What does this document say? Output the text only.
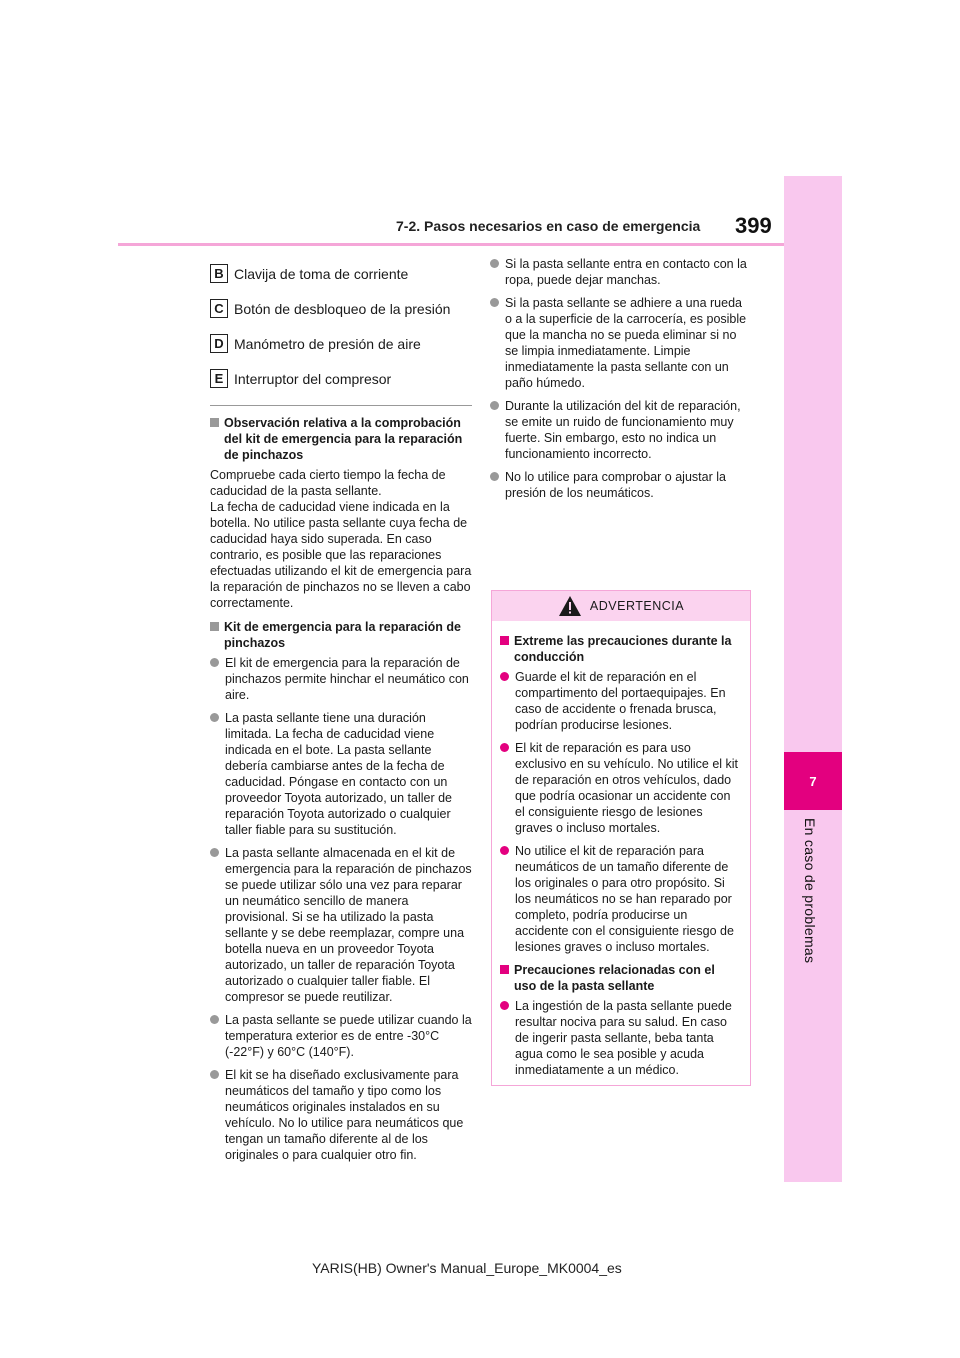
7
En caso de problemas
7-2. Pasos necesarios en caso de emergencia 399
B Clavija de toma de corriente
C Botón de desbloqueo de la presión
D Manómetro de presión de aire
E Interruptor del compresor
Observación relativa a la comprobación del kit de emergencia para la reparación de pinchazos

Compruebe cada cierto tiempo la fecha de caducidad de la pasta sellante.

La fecha de caducidad viene indicada en la botella. No utilice pasta sellante cuya fecha de caducidad haya sido superada. En caso contrario, es posible que las reparaciones efectuadas utilizando el kit de emergencia para la reparación de pinchazos no se lleven a cabo correctamente.

Kit de emergencia para la reparación de pinchazos
El kit de emergencia para la reparación de pinchazos permite hinchar el neumático con aire.
La pasta sellante tiene una duración limitada. La fecha de caducidad viene indicada en el bote. La pasta sellante debería cambiarse antes de la fecha de caducidad. Póngase en contacto con un proveedor Toyota autorizado, un taller de reparación Toyota autorizado o cualquier taller fiable para su sustitución.
La pasta sellante almacenada en el kit de emergencia para la reparación de pinchazos se puede utilizar sólo una vez para reparar un neumático sencillo de manera provisional. Si se ha utilizado la pasta sellante y se debe reemplazar, compre una botella nueva en un proveedor Toyota autorizado, un taller de reparación Toyota autorizado o cualquier taller fiable. El compresor se puede reutilizar.
La pasta sellante se puede utilizar cuando la temperatura exterior es de entre -30°C (-22°F) y 60°C (140°F).
El kit se ha diseñado exclusivamente para neumáticos del tamaño y tipo como los neumáticos originales instalados en su vehículo. No lo utilice para neumáticos que tengan un tamaño diferente al de los originales o para cualquier otro fin.
Si la pasta sellante entra en contacto con la ropa, puede dejar manchas.
Si la pasta sellante se adhiere a una rueda o a la superficie de la carrocería, es posible que la mancha no se pueda eliminar si no se limpia inmediatamente. Limpie inmediatamente la pasta sellante con un paño húmedo.
Durante la utilización del kit de reparación, se emite un ruido de funcionamiento muy fuerte. Sin embargo, esto no indica un funcionamiento incorrecto.
No lo utilice para comprobar o ajustar la presión de los neumáticos.
ADVERTENCIA
Extreme las precauciones durante la conducción
Guarde el kit de reparación en el compartimento del portaequipajes. En caso de accidente o frenada brusca, podrían producirse lesiones.
El kit de reparación es para uso exclusivo en su vehículo. No utilice el kit de reparación en otros vehículos, dado que podría ocasionar un accidente con el consiguiente riesgo de lesiones graves o incluso mortales.
No utilice el kit de reparación para neumáticos de un tamaño diferente de los originales o para otro propósito. Si los neumáticos no se han reparado por completo, podría producirse un accidente con el consiguiente riesgo de lesiones graves o incluso mortales.
Precauciones relacionadas con el uso de la pasta sellante
La ingestión de la pasta sellante puede resultar nociva para su salud. En caso de ingerir pasta sellante, beba tanta agua como le sea posible y acuda inmediatamente a un médico.
YARIS(HB) Owner's Manual_Europe_MK0004_es
